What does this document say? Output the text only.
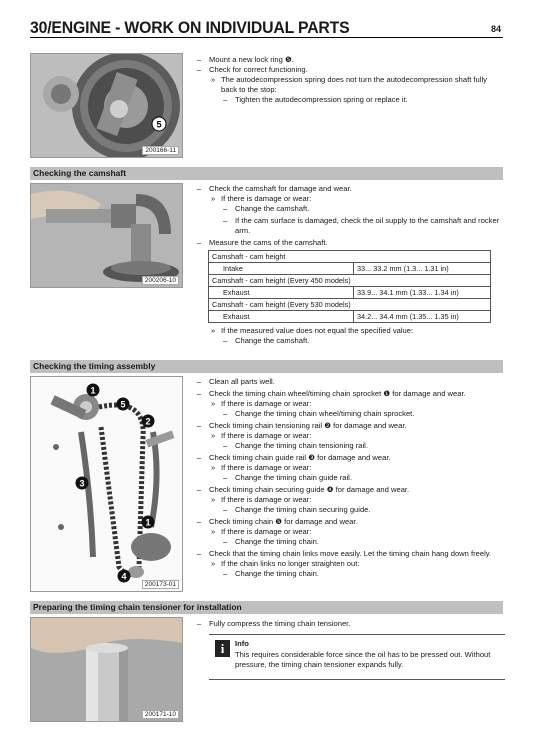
30/ENGINE - WORK ON INDIVIDUAL PARTS	84
5
200166-11
– Mount a new lock ring ❺.
– Check for correct functioning.
» The autodecompression spring does not turn the autodecompression shaft fully back to the stop:
– Tighten the autodecompression spring or replace it.
Checking the camshaft
200206-10
– Check the camshaft for damage and wear.
» If there is damage or wear:
– Change the camshaft.
– If the cam surface is damaged, check the oil supply to the camshaft and rocker arm.
– Measure the cams of the camshaft.
Camshaft - cam height	
Intake	33... 33.2 mm (1.3... 1.31 in)
Camshaft - cam height (Every 450 models)	
Exhaust	33.9... 34.1 mm (1.33... 1.34 in)
Camshaft - cam height (Every 530 models)	
Exhaust	34.2... 34.4 mm (1.35... 1.35 in)
» If the measured value does not equal the specified value:
– Change the camshaft.
Checking the timing assembly
1
5
2
3
1
4
200173-01
– Clean all parts well.
– Check the timing chain wheel/timing chain sprocket ❶ for damage and wear.
» If there is damage or wear:
– Change the timing chain wheel/timing chain sprocket.
– Check timing chain tensioning rail ❷ for damage and wear.
» If there is damage or wear:
– Change the timing chain tensioning rail.
– Check timing chain guide rail ❸ for damage and wear.
» If there is damage or wear:
– Change the timing chain guide rail.
– Check timing chain securing guide ❹ for damage and wear.
» If there is damage or wear:
– Change the timing chain securing guide.
– Check timing chain ❺ for damage and wear.
» If there is damage or wear:
– Change the timing chain.
– Check that the timing chain links move easily. Let the timing chain hang down freely.
» If the chain links no longer straighten out:
– Change the timing chain.
Preparing the timing chain tensioner for installation
200171-10
– Fully compress the timing chain tensioner.
i	Info
This requires considerable force since the oil has to be pressed out. Without pressure, the timing chain tensioner expands fully.
